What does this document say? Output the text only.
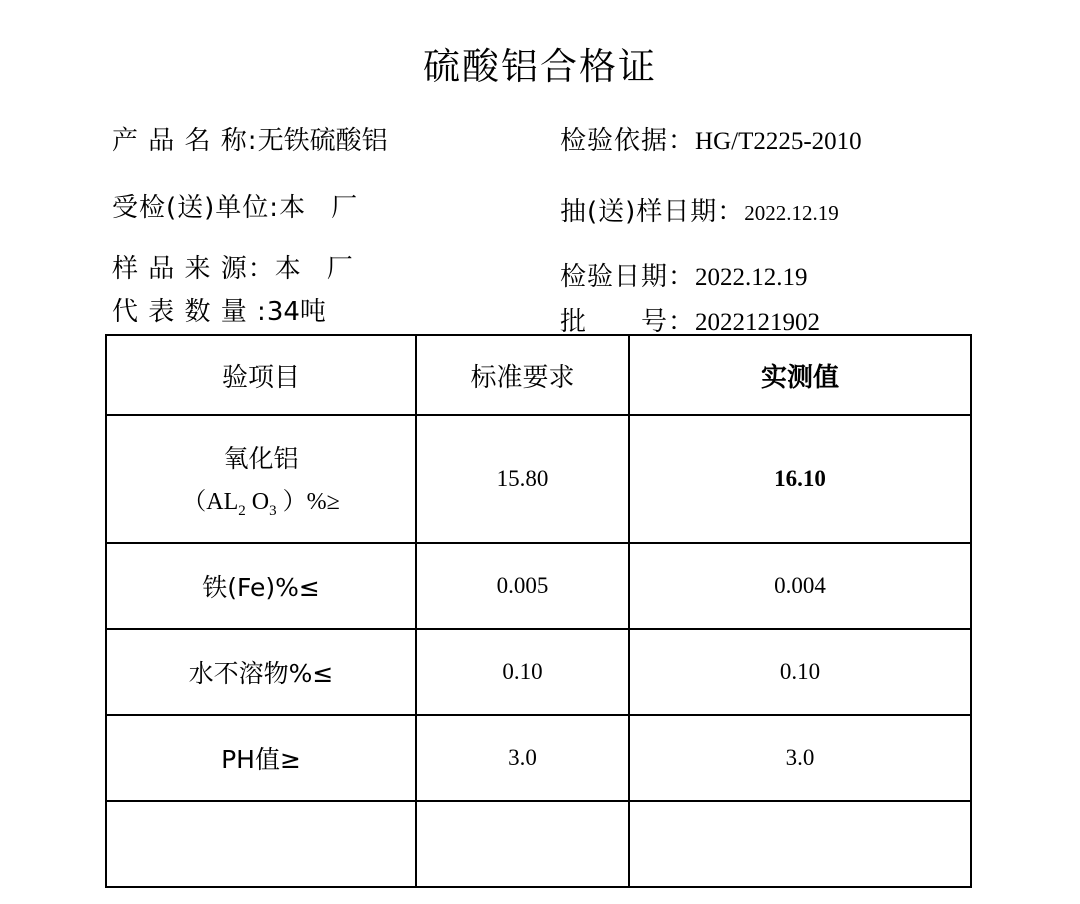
硫酸铝合格证
产 品 名 称: 无铁硫酸铝
受检(送)单位: 本　厂
样 品 来 源： 本　厂
代 表 数 量 : 34吨
检验依据： HG/T2225-2010
抽(送)样日期： 2022.12.19
检验日期： 2022.12.19
批　　号： 2022121902
验项目	标准要求	实测值

氧化铝
（$AL_2$ $O_3$ ）%≥	15.80	16.10
铁(Fe)%≤	0.005	0.004
水不溶物%≤	0.10	0.10
PH值≥	3.0	3.0
